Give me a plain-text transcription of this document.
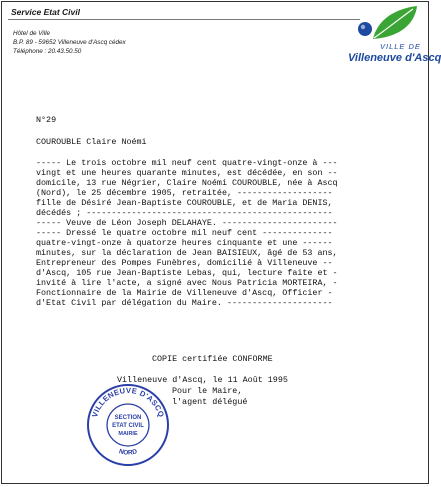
Service Etat Civil
Hôtel de Ville
B.P. 89 - 59652 Villeneuve d'Ascq cédex
Téléphone : 20.43.50.50
VILLE DE
Villeneuve d'Ascq
N°29
COUROUBLE Claire Noémi
----- Le trois octobre mil neuf cent quatre-vingt-onze à ---
vingt et une heures quarante minutes, est décédée, en son --
domicile, 13 rue Négrier, Claire Noémi COUROUBLE, née à Ascq
(Nord), le 25 décembre 1905, retraitée, -------------------
fille de Désiré Jean-Baptiste COUROUBLE, et de Maria DENIS,
décédés ; -------------------------------------------------
----- Veuve de Léon Joseph DELAHAYE. -----------------------
----- Dressé le quatre octobre mil neuf cent --------------
quatre-vingt-onze à quatorze heures cinquante et une ------
minutes, sur la déclaration de Jean BAISIEUX, âgé de 53 ans,
Entrepreneur des Pompes Funèbres, domicilié à Villeneuve --
d'Ascq, 105 rue Jean-Baptiste Lebas, qui, lecture faite et -
invité à lire l'acte, a signé avec Nous Patricia MORTEIRA, -
Fonctionnaire de la Mairie de Villeneuve d'Ascq, Officier -
d'Etat Civil par délégation du Maire. ---------------------
COPIE certifiée CONFORME
Villeneuve d'Ascq, le 11 Août 1995
Pour le Maire,
l'agent délégué
VILLENEUVE D'ASCQ
NORD
SECTION
ETAT CIVIL
MAIRIE
